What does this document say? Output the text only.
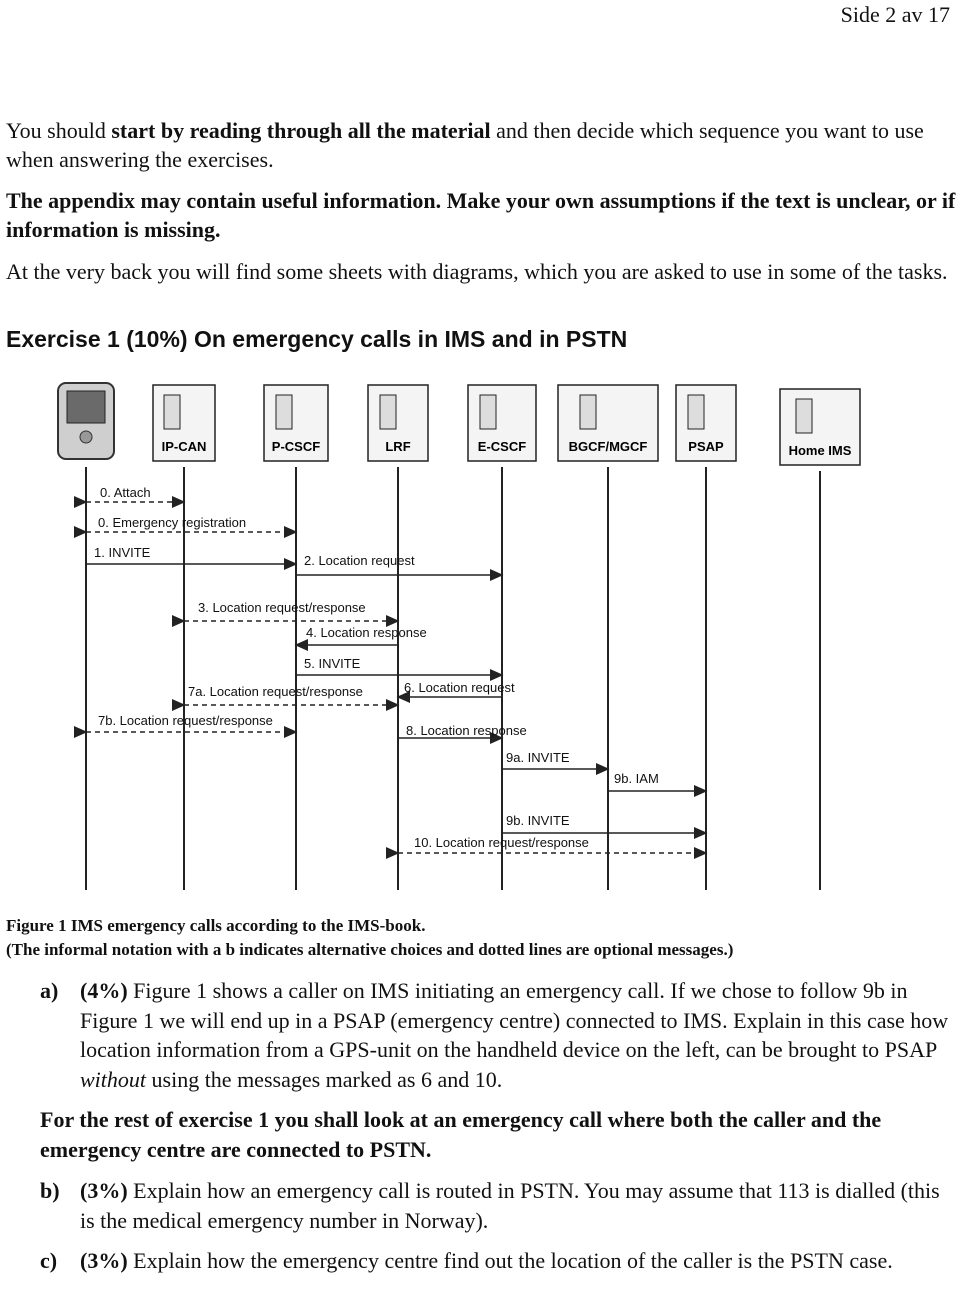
Side 2 av 17
You should start by reading through all the material and then decide which sequence you want to use when answering the exercises.
The appendix may contain useful information. Make your own assumptions if the text is unclear, or if information is missing.
At the very back you will find some sheets with diagrams, which you are asked to use in some of the tasks.
Exercise 1 (10%) On emergency calls in IMS and in PSTN
IP-CAN	P-CSCF	LRF	E-CSCF	BGCF/MGCF	PSAP	Home IMS
0. Attach
0. Emergency registration
1. INVITE
2. Location request
3. Location request/response
4. Location response
5. INVITE
7a. Location request/response	6. Location request
7b. Location request/response
8. Location response
9a. INVITE
9b. IAM
9b. INVITE
10. Location request/response
Figure 1 IMS emergency calls according to the IMS-book.
(The informal notation with a b indicates alternative choices and dotted lines are optional messages.)
a) (4%) Figure 1 shows a caller on IMS initiating an emergency call. If we chose to follow 9b in Figure 1 we will end up in a PSAP (emergency centre) connected to IMS. Explain in this case how location information from a GPS-unit on the handheld device on the left, can be brought to PSAP without using the messages marked as 6 and 10.
For the rest of exercise 1 you shall look at an emergency call where both the caller and the emergency centre are connected to PSTN.
b) (3%) Explain how an emergency call is routed in PSTN. You may assume that 113 is dialled (this is the medical emergency number in Norway).
c) (3%) Explain how the emergency centre find out the location of the caller is the PSTN case.
